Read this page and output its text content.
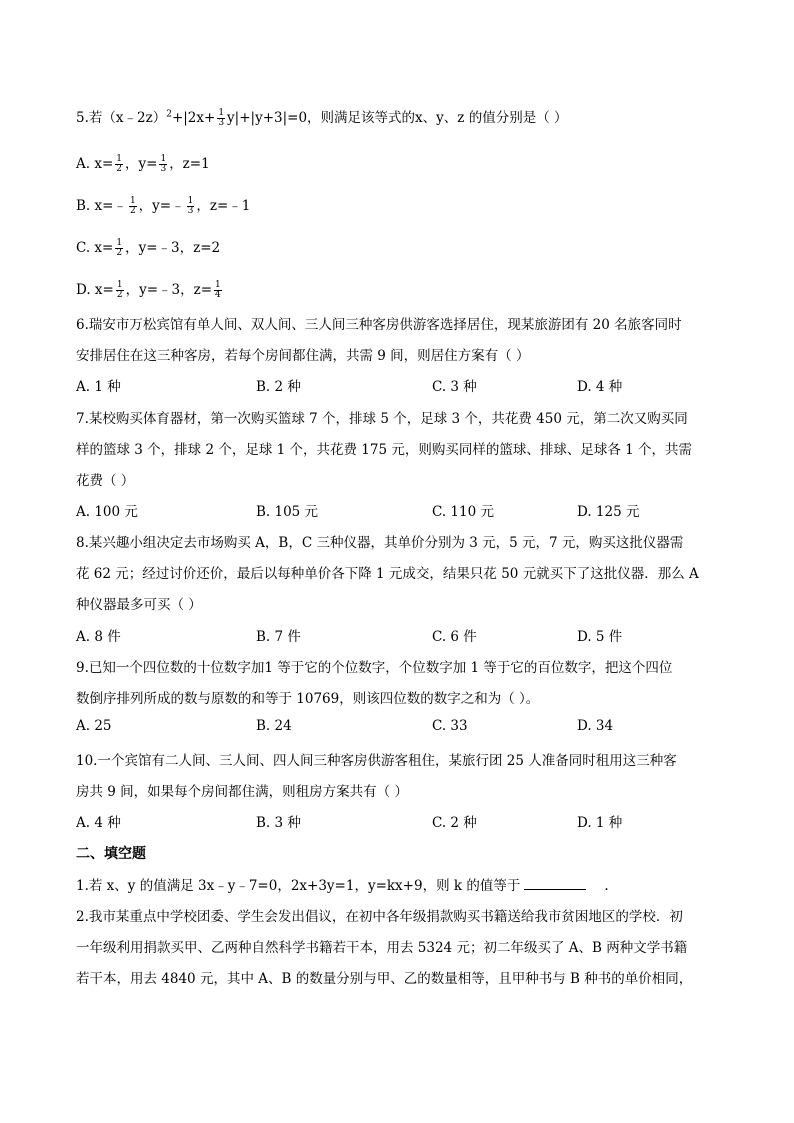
5.若（x﹣2z）$^2$+|2x+ $\frac{1}{3} y|+|y+3|=0$，则满足该等式的x、y、z 的值分别是（ ）
A. $x= \frac{1}{2}$ ，$y= \frac{1}{3}$ ，z=1
B. x=﹣ $\frac{1}{2}$ ，y=﹣ $\frac{1}{3}$ ，z=﹣1
C. $x= \frac{1}{2}$ ，y=﹣3，z=2
D. $x= \frac{1}{2}$ ，y=﹣3，$z= \frac{1}{4}$
6.瑞安市万松宾馆有单人间、双人间、三人间三种客房供游客选择居住，现某旅游团有 20 名旅客同时
安排居住在这三种客房，若每个房间都住满，共需 9 间，则居住方案有（ ）
A. 1 种	B. 2 种	C. 3 种	D. 4 种
7.某校购买体育器材，第一次购买篮球 7 个，排球 5 个，足球 3 个，共花费 450 元，第二次又购买同
样的篮球 3 个，排球 2 个，足球 1 个，共花费 175 元，则购买同样的篮球、排球、足球各 1 个，共需
花费（ ）
A. 100 元	B. 105 元	C. 110 元	D. 125 元
8.某兴趣小组决定去市场购买 A，B，C 三种仪器，其单价分别为 3 元，5 元，7 元，购买这批仪器需
花 62 元；经过讨价还价，最后以每种单价各下降 1 元成交，结果只花 50 元就买下了这批仪器．那么 A
种仪器最多可买（ ）
A. 8 件	B. 7 件	C. 6 件	D. 5 件
9.已知一个四位数的十位数字加1 等于它的个位数字，个位数字加 1 等于它的百位数字，把这个四位
数倒序排列所成的数与原数的和等于 10769，则该四位数的数字之和为（ ）。
A. 25	B. 24	C. 33	D. 34
10.一个宾馆有二人间、三人间、四人间三种客房供游客租住，某旅行团 25 人准备同时租用这三种客
房共 9 间，如果每个房间都住满，则租房方案共有（ ）
A. 4 种	B. 3 种	C. 2 种	D. 1 种
二、填空题
1.若 x、y 的值满足 3x﹣y﹣7=0，2x+3y=1，y=kx+9，则 k 的值等于	.
2.我市某重点中学校团委、学生会发出倡议，在初中各年级捐款购买书籍送给我市贫困地区的学校．初
一年级利用捐款买甲、乙两种自然科学书籍若干本，用去 5324 元；初二年级买了 A、B 两种文学书籍
若干本，用去 4840 元，其中 A、B 的数量分别与甲、乙的数量相等，且甲种书与 B 种书的单价相同，
